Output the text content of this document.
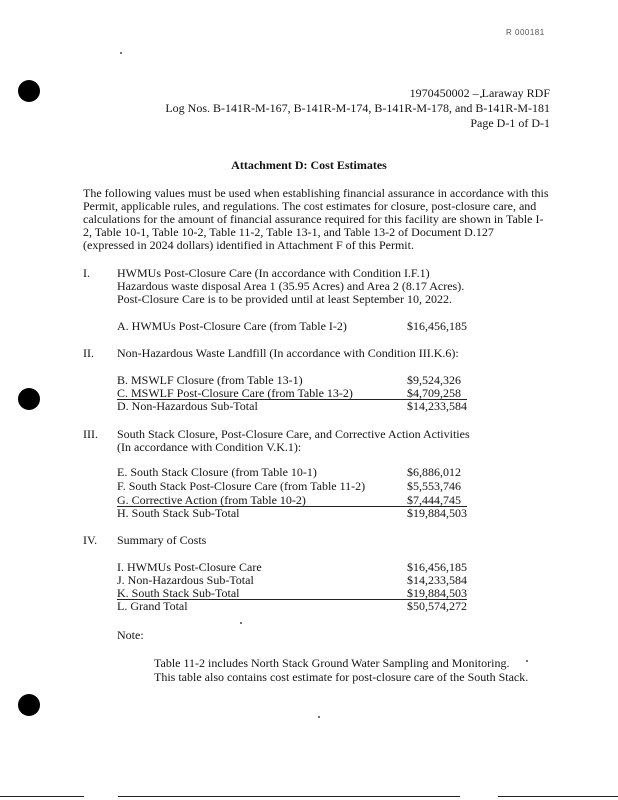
R 000181
1970450002 – Laraway RDF
Log Nos. B-141R-M-167, B-141R-M-174, B-141R-M-178, and B-141R-M-181
Page D-1 of D-1
Attachment D: Cost Estimates
The following values must be used when establishing financial assurance in accordance with this
Permit, applicable rules, and regulations. The cost estimates for closure, post-closure care, and
calculations for the amount of financial assurance required for this facility are shown in Table I-
2, Table 10-1, Table 10-2, Table 11-2, Table 13-1, and Table 13-2 of Document D.127
(expressed in 2024 dollars) identified in Attachment F of this Permit.
I. HWMUs Post-Closure Care (In accordance with Condition I.F.1)
Hazardous waste disposal Area 1 (35.95 Acres) and Area 2 (8.17 Acres).
Post-Closure Care is to be provided until at least September 10, 2022.
A. HWMUs Post-Closure Care (from Table I-2)	$16,456,185
II. Non-Hazardous Waste Landfill (In accordance with Condition III.K.6):
B. MSWLF Closure (from Table 13-1)	$9,524,326
C. MSWLF Post-Closure Care (from Table 13-2)	$4,709,258
D. Non-Hazardous Sub-Total	$14,233,584
III. South Stack Closure, Post-Closure Care, and Corrective Action Activities
(In accordance with Condition V.K.1):
E. South Stack Closure (from Table 10-1)	$6,886,012
F. South Stack Post-Closure Care (from Table 11-2)	$5,553,746
G. Corrective Action (from Table 10-2)	$7,444,745
H. South Stack Sub-Total	$19,884,503
IV. Summary of Costs
I. HWMUs Post-Closure Care	$16,456,185
J. Non-Hazardous Sub-Total	$14,233,584
K. South Stack Sub-Total	$19,884,503
L. Grand Total	$50,574,272
Note:
Table 11-2 includes North Stack Ground Water Sampling and Monitoring.
This table also contains cost estimate for post-closure care of the South Stack.
